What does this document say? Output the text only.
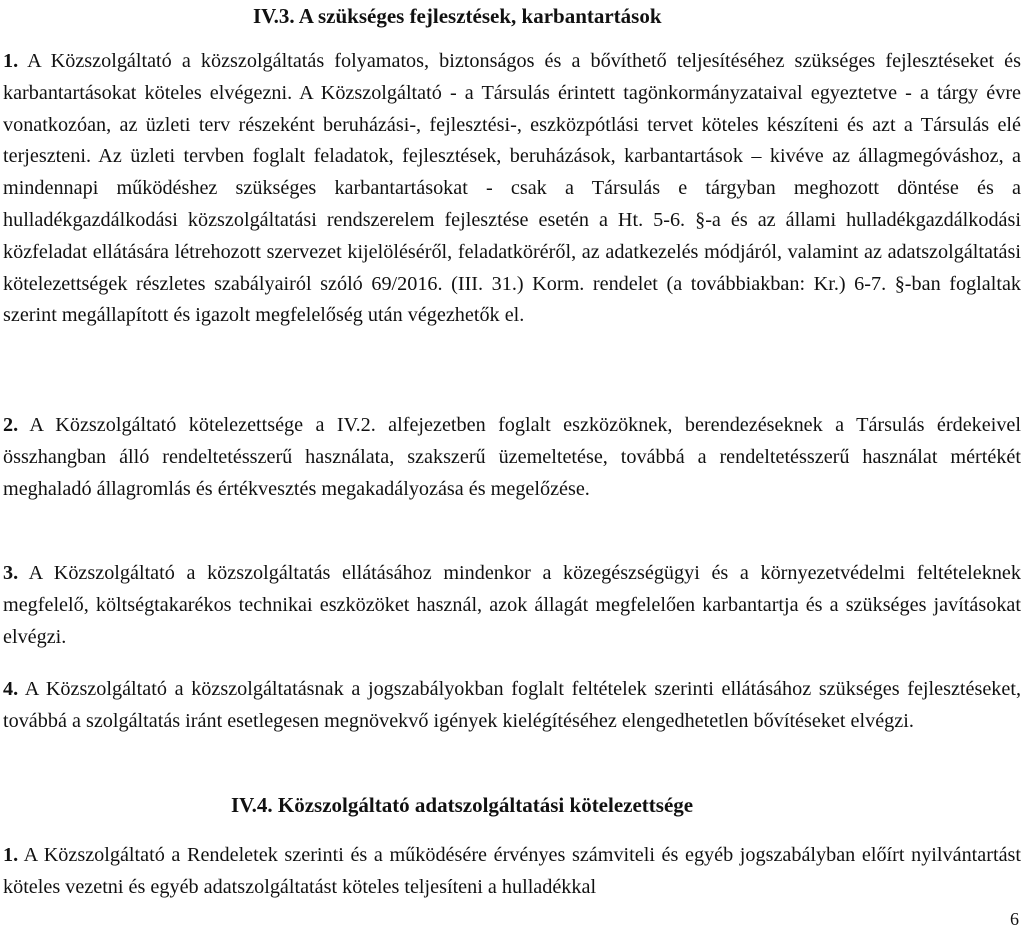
IV.3. A szükséges fejlesztések, karbantartások
1. A Közszolgáltató a közszolgáltatás folyamatos, biztonságos és a bővíthető teljesítéséhez szükséges fejlesztéseket és karbantartásokat köteles elvégezni. A Közszolgáltató - a Társulás érintett tagönkormányzataival egyeztetve - a tárgy évre vonatkozóan, az üzleti terv részeként beruházási-, fejlesztési-, eszközpótlási tervet köteles készíteni és azt a Társulás elé terjeszteni. Az üzleti tervben foglalt feladatok, fejlesztések, beruházások, karbantartások – kivéve az állagmegóváshoz, a mindennapi működéshez szükséges karbantartásokat - csak a Társulás e tárgyban meghozott döntése és a hulladékgazdálkodási közszolgáltatási rendszerelem fejlesztése esetén a Ht. 5-6. §-a és az állami hulladékgazdálkodási közfeladat ellátására létrehozott szervezet kijelöléséről, feladatköréről, az adatkezelés módjáról, valamint az adatszolgáltatási kötelezettségek részletes szabályairól szóló 69/2016. (III. 31.) Korm. rendelet (a továbbiakban: Kr.) 6-7. §-ban foglaltak szerint megállapított és igazolt megfelelőség után végezhetők el.
2. A Közszolgáltató kötelezettsége a IV.2. alfejezetben foglalt eszközöknek, berendezéseknek a Társulás érdekeivel összhangban álló rendeltetésszerű használata, szakszerű üzemeltetése, továbbá a rendeltetésszerű használat mértékét meghaladó állagromlás és értékvesztés megakadályozása és megelőzése.
3. A Közszolgáltató a közszolgáltatás ellátásához mindenkor a közegészségügyi és a környezetvédelmi feltételeknek megfelelő, költségtakarékos technikai eszközöket használ, azok állagát megfelelően karbantartja és a szükséges javításokat elvégzi.
4. A Közszolgáltató a közszolgáltatásnak a jogszabályokban foglalt feltételek szerinti ellátásához szükséges fejlesztéseket, továbbá a szolgáltatás iránt esetlegesen megnövekvő igények kielégítéséhez elengedhetetlen bővítéseket elvégzi.
IV.4. Közszolgáltató adatszolgáltatási kötelezettsége
1. A Közszolgáltató a Rendeletek szerinti és a működésére érvényes számviteli és egyéb jogszabályban előírt nyilvántartást köteles vezetni és egyéb adatszolgáltatást köteles teljesíteni a hulladékkal
6
